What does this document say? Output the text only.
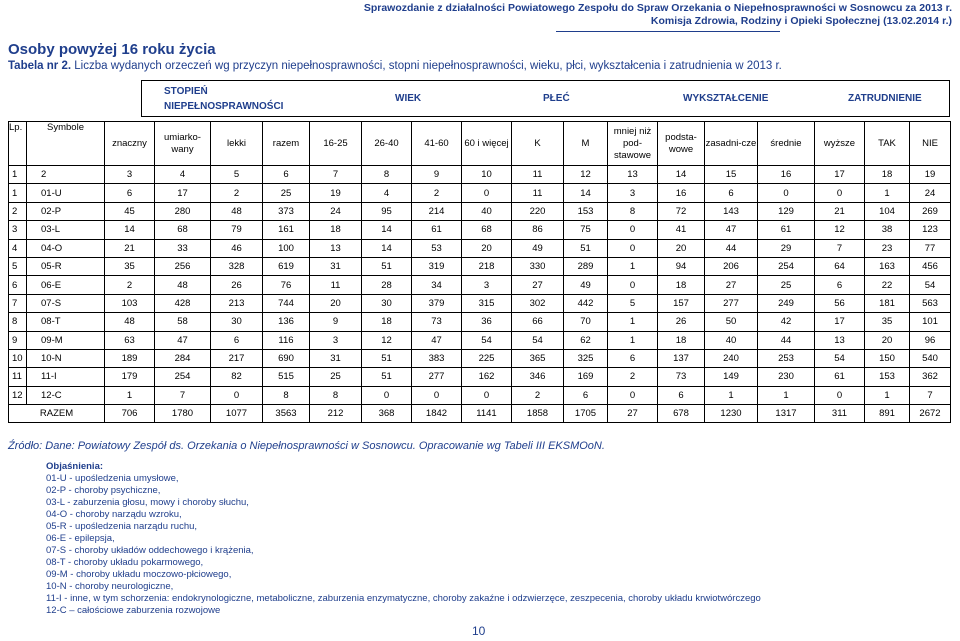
Sprawozdanie z działalności Powiatowego Zespołu do Spraw Orzekania o Niepełnosprawności w Sosnowcu za 2013 r.
Komisja Zdrowia, Rodziny i Opieki Społecznej (13.02.2014 r.)
Osoby powyżej 16 roku życia
Tabela nr 2. Liczba wydanych orzeczeń wg przyczyn niepełnosprawności, stopni niepełnosprawności, wieku, płci, wykształcenia i zatrudnienia w 2013 r.
STOPIEŃ
NIEPEŁNOSPRAWNOŚCI
WIEK	PŁEĆ	WYKSZTAŁCENIE	ZATRUDNIENIE
Lp.	Symbole	znaczny	umiarko-wany	lekki	razem	16-25	26-40	41-60	60 i więcej	K	M	mniej niż pod-stawowe	podsta-wowe	zasadni-cze	średnie	wyższe	TAK	NIE
1	2	3	4	5	6	7	8	9	10	11	12	13	14	15	16	17	18	19
1	01-U	6	17	2	25	19	4	2	0	11	14	3	16	6	0	0	1	24
2	02-P	45	280	48	373	24	95	214	40	220	153	8	72	143	129	21	104	269
3	03-L	14	68	79	161	18	14	61	68	86	75	0	41	47	61	12	38	123
4	04-O	21	33	46	100	13	14	53	20	49	51	0	20	44	29	7	23	77
5	05-R	35	256	328	619	31	51	319	218	330	289	1	94	206	254	64	163	456
6	06-E	2	48	26	76	11	28	34	3	27	49	0	18	27	25	6	22	54
7	07-S	103	428	213	744	20	30	379	315	302	442	5	157	277	249	56	181	563
8	08-T	48	58	30	136	9	18	73	36	66	70	1	26	50	42	17	35	101
9	09-M	63	47	6	116	3	12	47	54	54	62	1	18	40	44	13	20	96
10	10-N	189	284	217	690	31	51	383	225	365	325	6	137	240	253	54	150	540
11	11-I	179	254	82	515	25	51	277	162	346	169	2	73	149	230	61	153	362
12	12-C	1	7	0	8	8	0	0	0	2	6	0	6	1	1	0	1	7
RAZEM		706	1780	1077	3563	212	368	1842	1141	1858	1705	27	678	1230	1317	311	891	2672
Źródło: Dane: Powiatowy Zespół ds. Orzekania o Niepełnosprawności w Sosnowcu. Opracowanie wg Tabeli III EKSMOoN.
Objaśnienia:
01-U - upośledzenia umysłowe,
02-P - choroby psychiczne,
03-L - zaburzenia głosu, mowy i choroby słuchu,
04-O - choroby narządu wzroku,
05-R - upośledzenia narządu ruchu,
06-E - epilepsja,
07-S - choroby układów oddechowego i krążenia,
08-T - choroby układu pokarmowego,
09-M - choroby układu moczowo-płciowego,
10-N - choroby neurologiczne,
11-I - inne, w tym schorzenia: endokrynologiczne, metaboliczne, zaburzenia enzymatyczne, choroby zakaźne i odzwierzęce, zeszpecenia, choroby układu krwiotwórczego
12-C – całościowe zaburzenia rozwojowe
10
